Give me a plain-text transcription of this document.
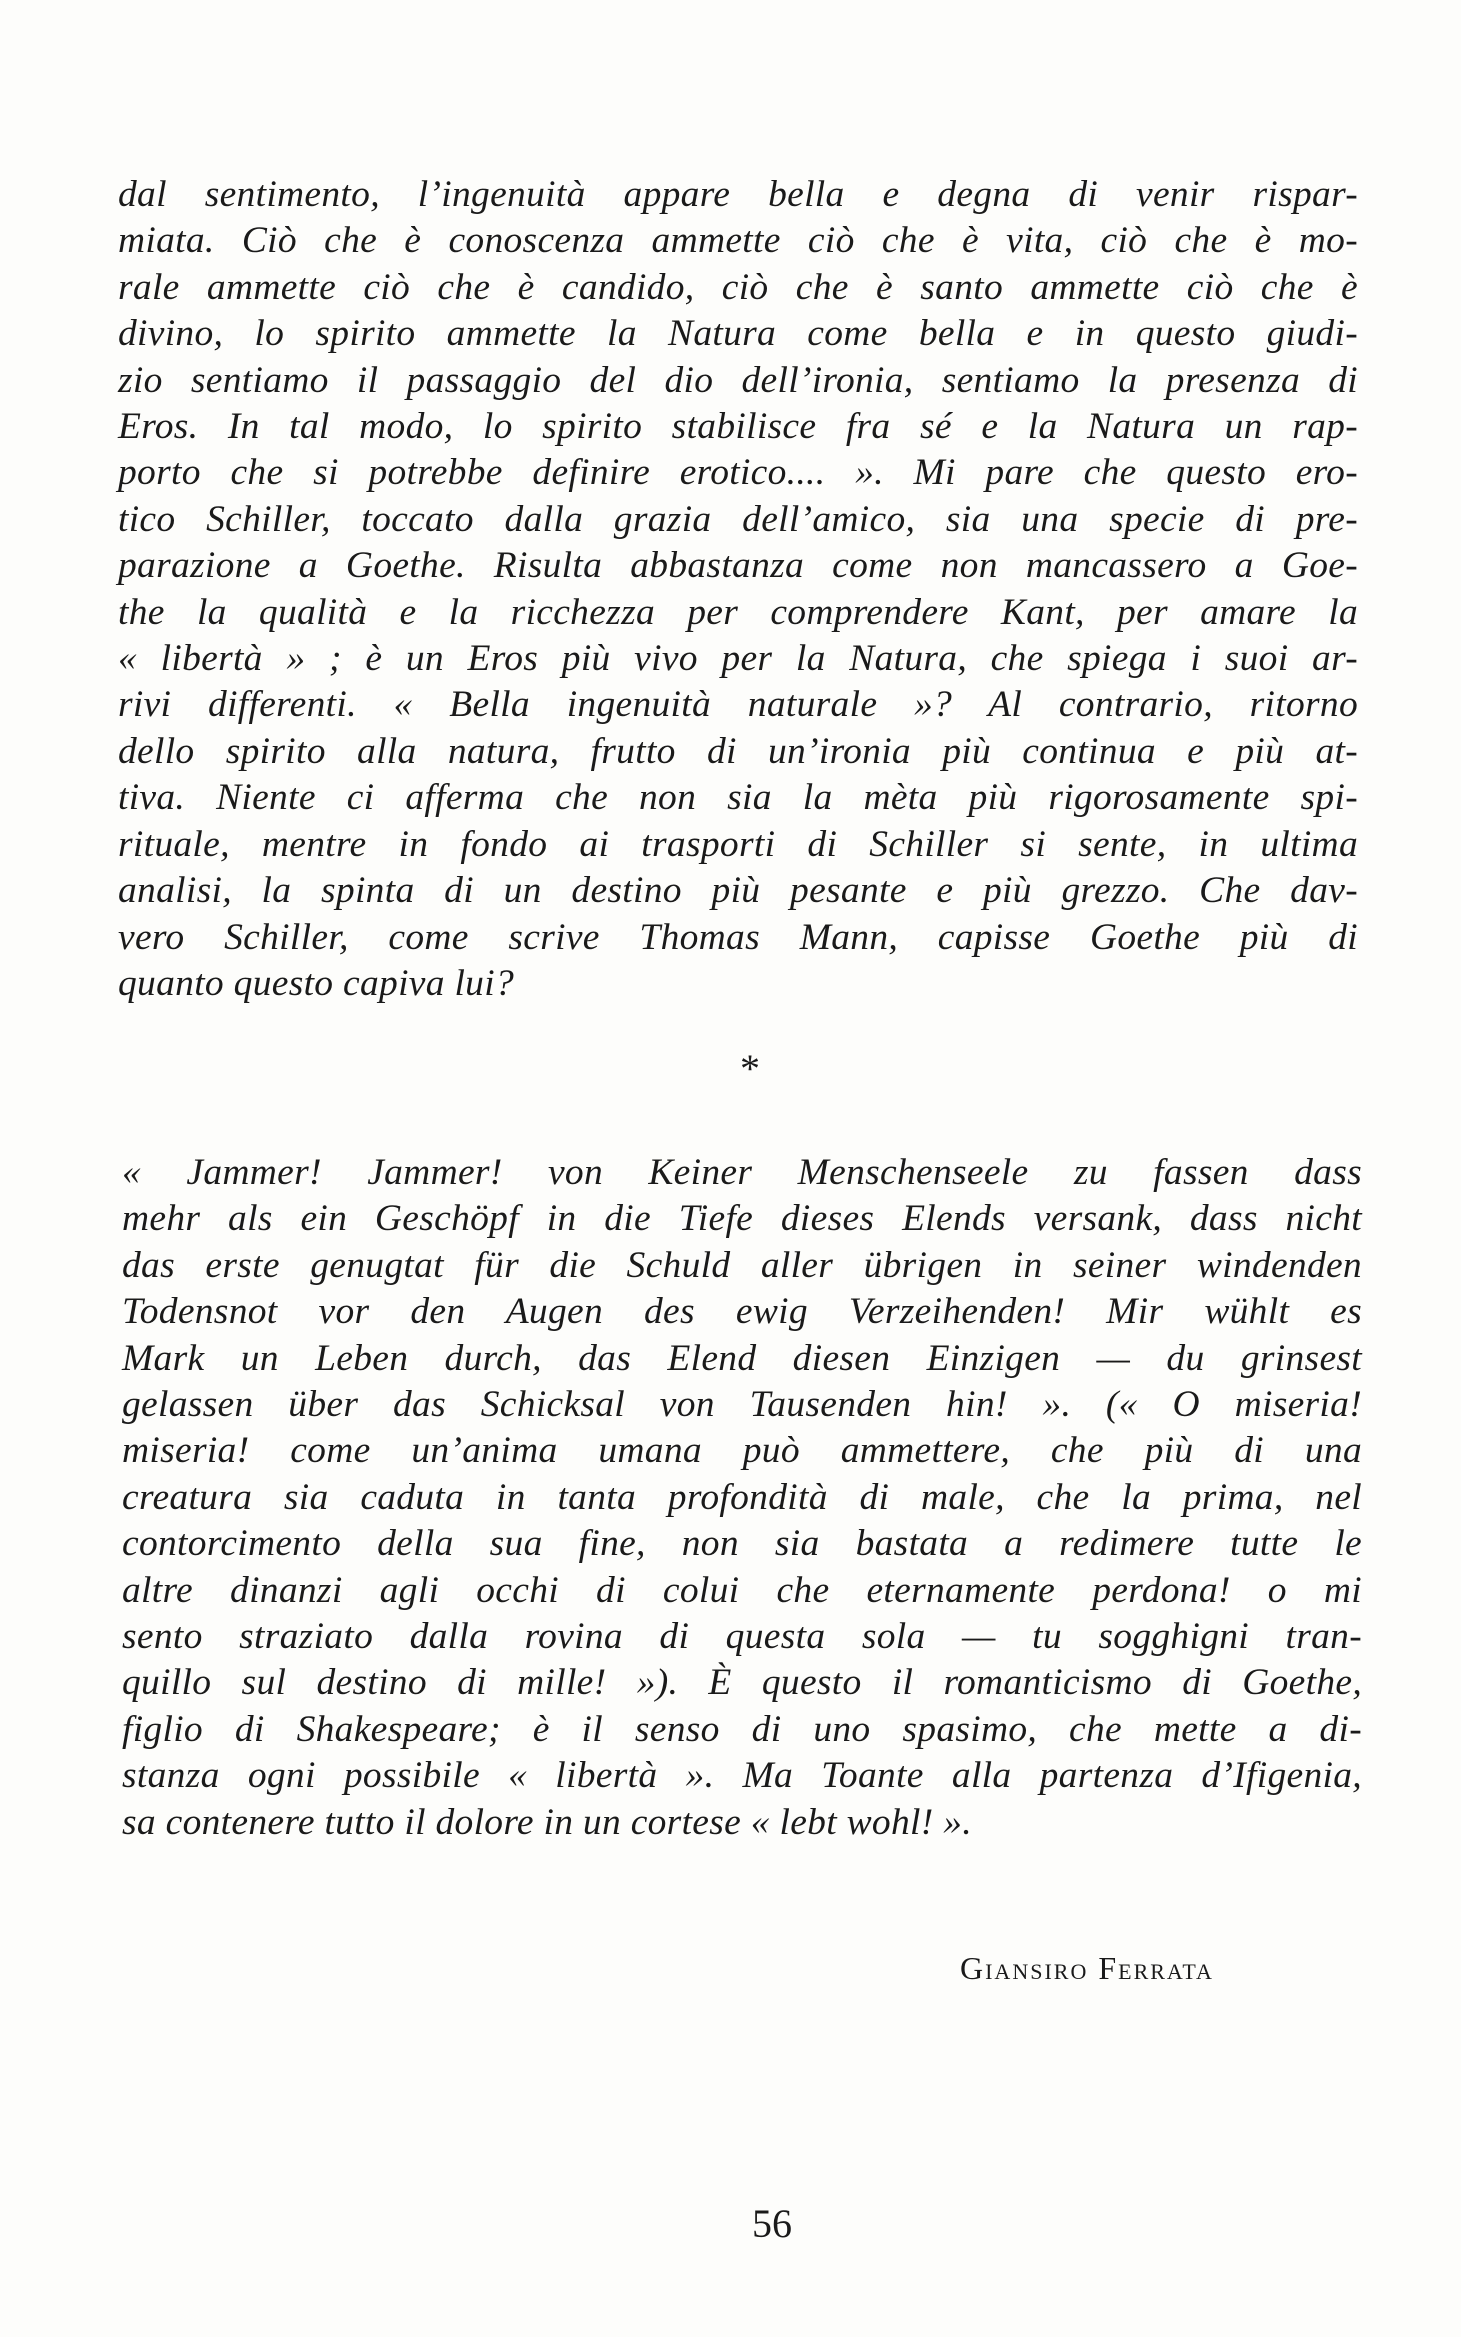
dal sentimento, l’ingenuità appare bella e degna di venir rispar-
miata. Ciò che è conoscenza ammette ciò che è vita, ciò che è mo-
rale ammette ciò che è candido, ciò che è santo ammette ciò che è
divino, lo spirito ammette la Natura come bella e in questo giudi-
zio sentiamo il passaggio del dio dell’ironia, sentiamo la presenza di
Eros. In tal modo, lo spirito stabilisce fra sé e la Natura un rap-
porto che si potrebbe definire erotico.... ». Mi pare che questo ero-
tico Schiller, toccato dalla grazia dell’amico, sia una specie di pre-
parazione a Goethe. Risulta abbastanza come non mancassero a Goe-
the la qualità e la ricchezza per comprendere Kant, per amare la
« libertà » ; è un Eros più vivo per la Natura, che spiega i suoi ar-
rivi differenti. « Bella ingenuità naturale »? Al contrario, ritorno
dello spirito alla natura, frutto di un’ironia più continua e più at-
tiva. Niente ci afferma che non sia la mèta più rigorosamente spi-
rituale, mentre in fondo ai trasporti di Schiller si sente, in ultima
analisi, la spinta di un destino più pesante e più grezzo. Che dav-
vero Schiller, come scrive Thomas Mann, capisse Goethe più di
quanto questo capiva lui?
*
« Jammer! Jammer! von Keiner Menschenseele zu fassen dass
mehr als ein Geschöpf in die Tiefe dieses Elends versank, dass nicht
das erste genugtat für die Schuld aller übrigen in seiner windenden
Todensnot vor den Augen des ewig Verzeihenden! Mir wühlt es
Mark un Leben durch, das Elend diesen Einzigen — du grinsest
gelassen über das Schicksal von Tausenden hin! ». (« O miseria!
miseria! come un’anima umana può ammettere, che più di una
creatura sia caduta in tanta profondità di male, che la prima, nel
contorcimento della sua fine, non sia bastata a redimere tutte le
altre dinanzi agli occhi di colui che eternamente perdona! o mi
sento straziato dalla rovina di questa sola — tu sogghigni tran-
quillo sul destino di mille! »). È questo il romanticismo di Goethe,
figlio di Shakespeare; è il senso di uno spasimo, che mette a di-
stanza ogni possibile « libertà ». Ma Toante alla partenza d’Ifigenia,
sa contenere tutto il dolore in un cortese « lebt wohl! ».
Giansiro Ferrata
56
